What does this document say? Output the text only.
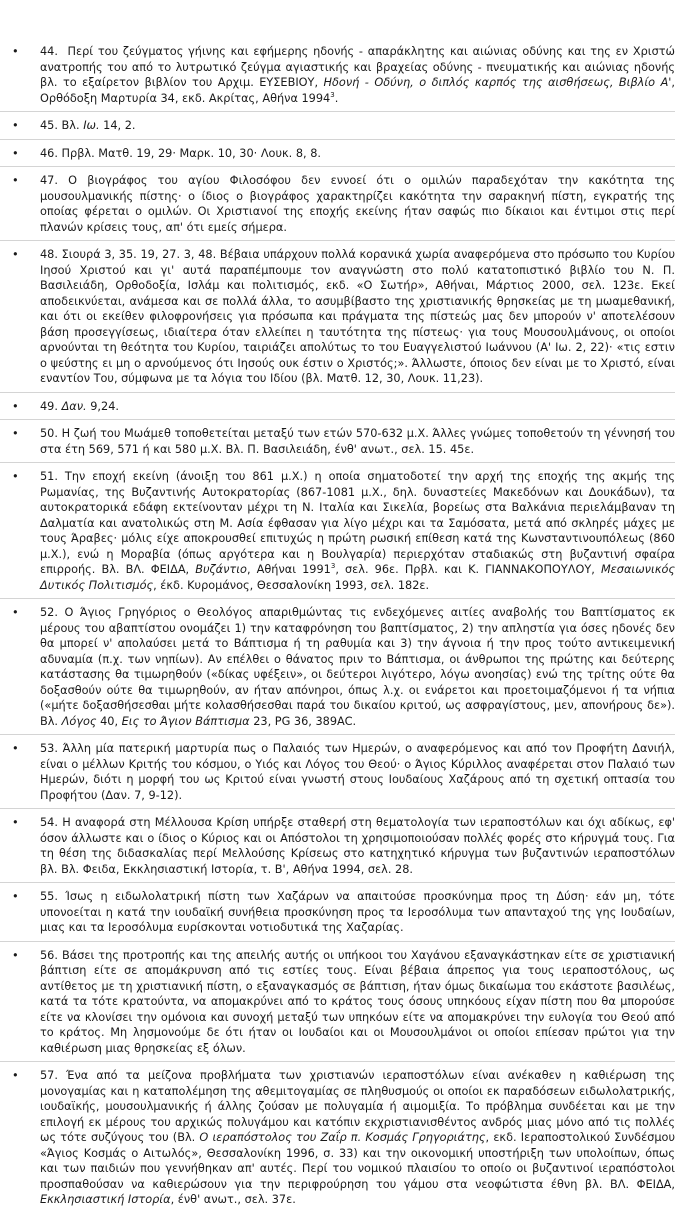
• 44.  Περί του ζεύγματος γήινης και εφήμερης ηδονής - απαράκλητης και αιώνιας οδύνης και της εν Χριστώ ανατροπής του από το λυτρωτικό ζεύγμα αγιαστικής και βραχείας οδύνης - πνευματικής και αιώνιας ηδονής βλ. το εξαίρετον βιβλίον του Αρχιμ. ΕΥΣΕΒΙΟΥ, Ηδονή - Οδύνη, ο διπλός καρπός της αισθήσεως, Βιβλίο Α', Ορθόδοξη Μαρτυρία 34, εκδ. Ακρίτας, Αθήνα 1994$^3$.
• 45. Βλ. Ιω. 14, 2.
• 46. Πρβλ. Ματθ. 19, 29· Μαρκ. 10, 30· Λουκ. 8, 8.
• 47. Ο βιογράφος του αγίου Φιλοσόφου δεν εννοεί ότι ο ομιλών παραδεχόταν την κακότητα της μουσουλμανικής πίστης· ο ίδιος ο βιογράφος χαρακτηρίζει κακότητα την σαρακηνή πίστη, εγκρατής της οποίας φέρεται ο ομιλών. Οι Χριστιανοί της εποχής εκείνης ήταν σαφώς πιο δίκαιοι και έντιμοι στις περί πλανών κρίσεις τους, απ' ότι εμείς σήμερα.
• 48. Σιουρά 3, 35. 19, 27. 3, 48. Βέβαια υπάρχουν πολλά κορανικά χωρία αναφερόμενα στο πρόσωπο του Κυρίου Ιησού Χριστού και γι' αυτά παραπέμπουμε τον αναγνώστη στο πολύ κατατοπιστικό βιβλίο του Ν. Π. Βασιλειάδη, Ορθοδοξία, Ισλάμ και πολιτισμός, εκδ. «Ο Σωτήρ», Αθήναι, Μάρτιος 2000, σελ. 123ε. Εκεί αποδεικνύεται, ανάμεσα και σε πολλά άλλα, το ασυμβίβαστο της χριστιανικής θρησκείας με τη μωαμεθανική, και ότι οι εκείθεν φιλοφρονήσεις για πρόσωπα και πράγματα της πίστεώς μας δεν μπορούν ν' αποτελέσουν βάση προσεγγίσεως, ιδιαίτερα όταν ελλείπει η ταυτότητα της πίστεως· για τους Μουσουλμάνους, οι οποίοι αρνούνται τη θεότητα του Κυρίου, ταιριάζει απολύτως το του Ευαγγελιστού Ιωάννου (Α' Ιω. 2, 22)· «τις εστιν ο ψεύστης ει μη ο αρνούμενος ότι Ιησούς ουκ έστιν ο Χριστός;». Άλλωστε, όποιος δεν είναι με το Χριστό, είναι εναντίον Του, σύμφωνα με τα λόγια του Ιδίου (βλ. Ματθ. 12, 30, Λουκ. 11,23).
• 49. Δαν. 9,24.
• 50. Η ζωή του Μωάμεθ τοποθετείται μεταξύ των ετών 570-632 μ.Χ. Άλλες γνώμες τοποθετούν τη γέννησή του στα έτη 569, 571 ή και 580 μ.Χ. Βλ. Π. Βασιλειάδη, ένθ' ανωτ., σελ. 15. 45ε.
• 51. Την εποχή εκείνη (άνοιξη του 861 μ.Χ.) η οποία σηματοδοτεί την αρχή της εποχής της ακμής της Ρωμανίας, της Βυζαντινής Αυτοκρατορίας (867-1081 μ.Χ., δηλ. δυναστείες Μακεδόνων και Δουκάδων), τα αυτοκρατορικά εδάφη εκτείνονταν μέχρι τη Ν. Ιταλία και Σικελία, βορείως στα Βαλκάνια περιελάμβαναν τη Δαλματία και ανατολικώς στη Μ. Ασία έφθασαν για λίγο μέχρι και τα Σαμόσατα, μετά από σκληρές μάχες με τους Άραβες· μόλις είχε αποκρουσθεί επιτυχώς η πρώτη ρωσική επίθεση κατά της Κωνσταντινουπόλεως (860 μ.Χ.), ενώ η Μοραβία (όπως αργότερα και η Βουλγαρία) περιερχόταν σταδιακώς στη βυζαντινή σφαίρα επιρροής. Βλ. ΒΛ. ΦΕΙΔΑ, Βυζάντιο, Αθήναι 1991$^3$, σελ. 96ε. Πρβλ. και Κ. ΓΙΑΝΝΑΚΟΠΟΥΛΟΥ, Μεσαιωνικός Δυτικός Πολιτισμός, έκδ. Κυρομάνος, Θεσσαλονίκη 1993, σελ. 182ε.
• 52. Ο Άγιος Γρηγόριος ο Θεολόγος απαριθμώντας τις ενδεχόμενες αιτίες αναβολής του Βαπτίσματος εκ μέρους του αβαπτίστου ονομάζει 1) την καταφρόνηση του βαπτίσματος, 2) την απληστία για όσες ηδονές δεν θα μπορεί ν' απολαύσει μετά το Βάπτισμα ή τη ραθυμία και 3) την άγνοια ή την προς τούτο αντικειμενική αδυναμία (π.χ. των νηπίων). Αν επέλθει ο θάνατος πριν το Βάπτισμα, οι άνθρωποι της πρώτης και δεύτερης κατάστασης θα τιμωρηθούν («δίκας υφέξειν», οι δεύτεροι λιγότερο, λόγω ανοησίας) ενώ της τρίτης ούτε θα δοξασθούν ούτε θα τιμωρηθούν, αν ήταν απόνηροι, όπως λ.χ. οι ενάρετοι και προετοιμαζόμενοι ή τα νήπια («μήτε δοξασθήσεσθαι μήτε κολασθήσεσθαι παρά του δικαίου κριτού, ως ασφραγίστους, μεν, απονήρους δε»). Βλ. Λόγος 40, Εις το Άγιον Βάπτισμα 23, PG 36, 389AC.
• 53. Άλλη μία πατερική μαρτυρία πως ο Παλαιός των Ημερών, ο αναφερόμενος και από τον Προφήτη Δανιήλ, είναι ο μέλλων Κριτής του κόσμου, ο Υιός και Λόγος του Θεού· ο Άγιος Κύριλλος αναφέρεται στον Παλαιό των Ημερών, διότι η μορφή του ως Κριτού είναι γνωστή στους Ιουδαίους Χαζάρους από τη σχετική οπτασία του Προφήτου (Δαν. 7, 9-12).
• 54. Η αναφορά στη Μέλλουσα Κρίση υπήρξε σταθερή στη θεματολογία των ιεραποστόλων και όχι αδίκως, εφ' όσον άλλωστε και ο ίδιος ο Κύριος και οι Απόστολοι τη χρησιμοποιούσαν πολλές φορές στο κήρυγμά τους. Για τη θέση της διδασκαλίας περί Μελλούσης Κρίσεως στο κατηχητικό κήρυγμα των βυζαντινών ιεραποστόλων βλ. Βλ. Φειδα, Εκκλησιαστική Ιστορία, τ. Β', Αθήνα 1994, σελ. 28.
• 55. Ίσως η ειδωλολατρική πίστη των Χαζάρων να απαιτούσε προσκύνημα προς τη Δύση· εάν μη, τότε υπονοείται η κατά την ιουδαϊκή συνήθεια προσκύνηση προς τα Ιεροσόλυμα των απανταχού της γης Ιουδαίων, μιας και τα Ιεροσόλυμα ευρίσκονται νοτιοδυτικά της Χαζαρίας.
• 56. Βάσει της προτροπής και της απειλής αυτής οι υπήκοοι του Χαγάνου εξαναγκάστηκαν είτε σε χριστιανική βάπτιση είτε σε απομάκρυνση από τις εστίες τους. Είναι βέβαια άπρεπος για τους ιεραποστόλους, ως αντίθετος με τη χριστιανική πίστη, ο εξαναγκασμός σε βάπτιση, ήταν όμως δικαίωμα του εκάστοτε βασιλέως, κατά τα τότε κρατούντα, να απομακρύνει από το κράτος τους όσους υπηκόους είχαν πίστη που θα μπορούσε είτε να κλονίσει την ομόνοια και συνοχή μεταξύ των υπηκόων είτε να απομακρύνει την ευλογία του Θεού από το κράτος. Μη λησμονούμε δε ότι ήταν οι Ιουδαίοι και οι Μουσουλμάνοι οι οποίοι επίεσαν πρώτοι για την καθιέρωση μιας θρησκείας εξ όλων.
• 57. Ένα από τα μείζονα προβλήματα των χριστιανών ιεραποστόλων είναι ανέκαθεν η καθιέρωση της μονογαμίας και η καταπολέμηση της αθεμιτογαμίας σε πληθυσμούς οι οποίοι εκ παραδόσεων ειδωλολατρικής, ιουδαϊκής, μουσουλμανικής ή άλλης ζούσαν με πολυγαμία ή αιμομιξία. Το πρόβλημα συνδέεται και με την επιλογή εκ μέρους του αρχικώς πολυγάμου και κατόπιν εκχριστιανισθέντος ανδρός μιας μόνο από τις πολλές ως τότε συζύγους του (Βλ. Ο ιεραπόστολος του Ζαΐρ π. Κοσμάς Γρηγοριάτης, εκδ. Ιεραποστολικού Συνδέσμου «Άγιος Κοσμάς ο Αιτωλός», Θεσσαλονίκη 1996, σ. 33) και την οικονομική υποστήριξη των υπολοίπων, όπως και των παιδιών που γεννήθηκαν απ' αυτές. Περί του νομικού πλαισίου το οποίο οι βυζαντινοί ιεραπόστολοι προσπαθούσαν να καθιερώσουν για την περιφρούρηση του γάμου στα νεοφώτιστα έθνη βλ. ΒΛ. ΦΕΙΔΑ, Εκκλησιαστική Ιστορία, ένθ' ανωτ., σελ. 37ε.
